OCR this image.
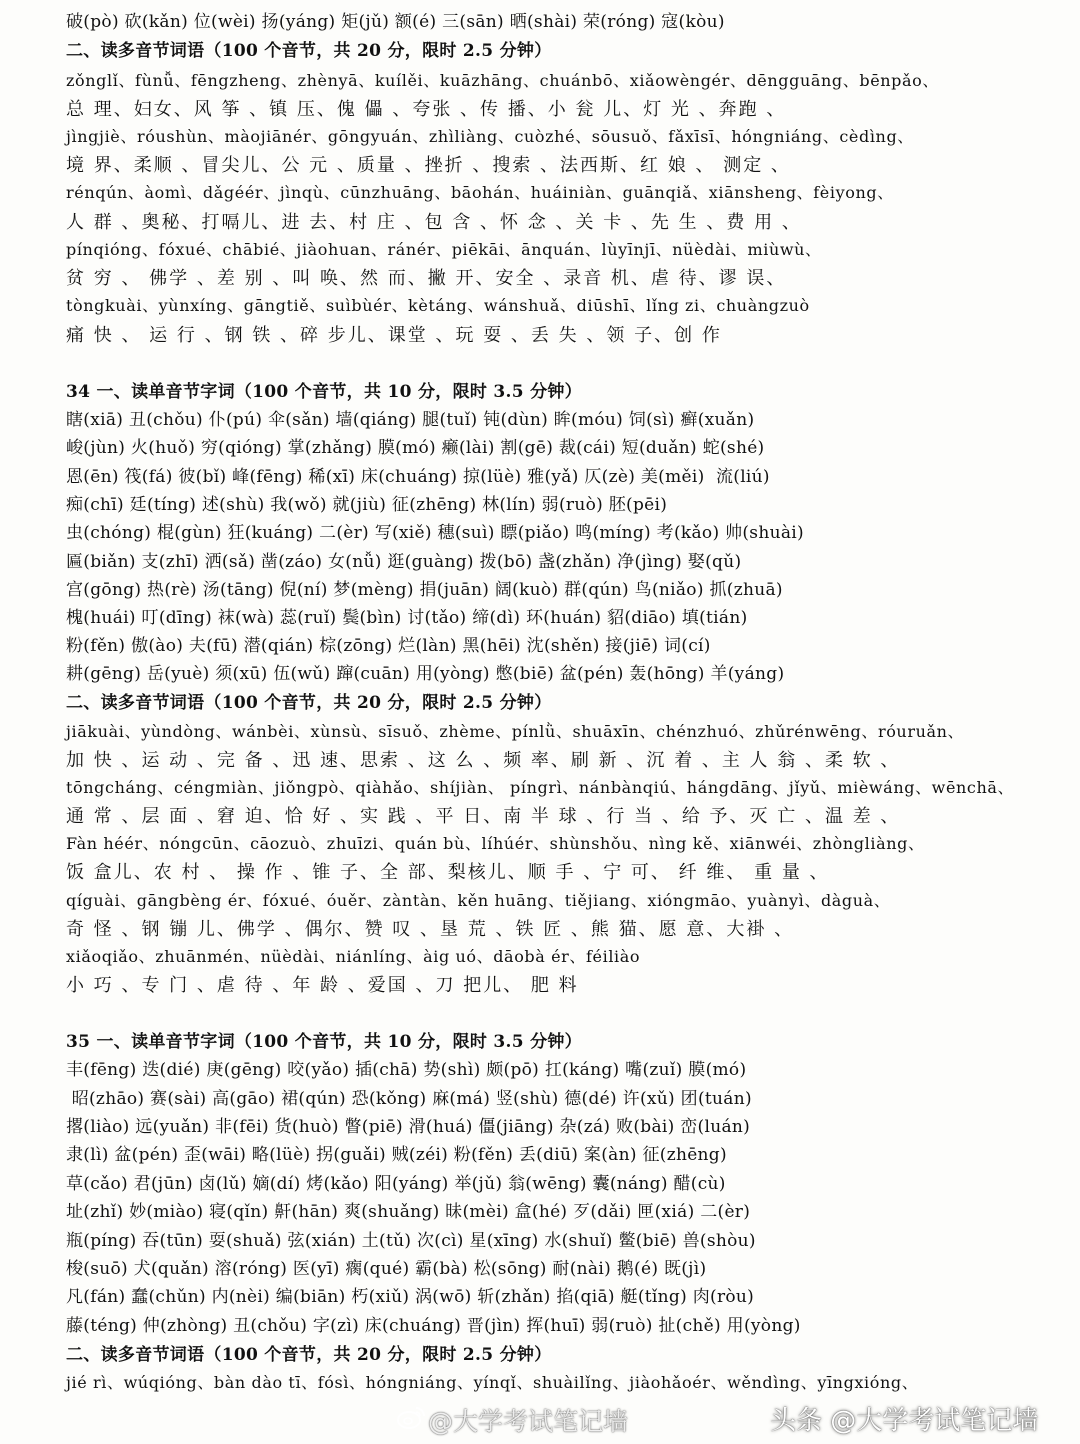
破(pò) 砍(kǎn) 位(wèi) 扬(yáng) 矩(jǔ) 额(é) 三(sān) 晒(shài) 荣(róng) 寇(kòu)
二、读多音节词语（100 个音节，共 20 分，限时 2.5 分钟）
zǒnglǐ、fùnǚ、fēngzheng、zhènyā、kuílěi、kuāzhāng、chuánbō、xiǎowèngér、dēngguāng、bēnpǎo、
总 理、妇女、风 筝 、镇 压、傀 儡 、夸张 、传 播、小 瓮 儿、灯 光 、奔跑 、
jìngjiè、róushùn、màojiānér、gōngyuán、zhìliàng、cuòzhé、sōusuǒ、fǎxīsī、hóngniáng、cèdìng、
境 界、柔顺 、冒尖儿、公 元 、质量 、挫折 、搜索 、法西斯、红 娘 、 测定 、
rénqún、àomì、dǎgéér、jìnqù、cūnzhuāng、bāohán、huáiniàn、guānqiǎ、xiānsheng、fèiyong、
人 群 、奥秘、打嗝儿、进 去、村 庄 、包 含 、怀 念 、关 卡 、先 生 、费 用 、
pínqióng、fóxué、chābié、jiàohuan、ránér、piēkāi、ānquán、lùyīnjī、nüèdài、miùwù、
贫 穷 、 佛学 、差 别 、叫 唤、然 而、撇 开、安全 、录音 机、虐 待、谬 误、
tòngkuài、yùnxíng、gāngtiě、suìbùér、kètáng、wánshuǎ、diūshī、lǐng zi、chuàngzuò
痛 快 、 运 行 、钢 铁 、碎 步儿、课堂 、玩 耍 、丢 失 、领 子、创 作
34 一、读单音节字词（100 个音节，共 10 分，限时 3.5 分钟）
瞎(xiā) 丑(chǒu) 仆(pú) 伞(sǎn) 墙(qiáng) 腿(tuǐ) 钝(dùn) 眸(móu) 饲(sì) 癣(xuǎn)
峻(jùn) 火(huǒ) 穷(qióng) 掌(zhǎng) 膜(mó) 癞(lài) 割(gē) 裁(cái) 短(duǎn) 蛇(shé)
恩(ēn) 筏(fá) 彼(bǐ) 峰(fēng) 稀(xī) 床(chuáng) 掠(lüè) 雅(yǎ) 仄(zè) 美(měi)  流(liú)
痴(chī) 廷(tíng) 述(shù) 我(wǒ) 就(jiù) 征(zhēng) 林(lín) 弱(ruò) 胚(pēi)
虫(chóng) 棍(gùn) 狂(kuáng) 二(èr) 写(xiě) 穗(suì) 瞟(piǎo) 鸣(míng) 考(kǎo) 帅(shuài)
匾(biǎn) 支(zhī) 洒(sǎ) 凿(záo) 女(nǚ) 逛(guàng) 拨(bō) 盏(zhǎn) 净(jìng) 娶(qǔ)
宫(gōng) 热(rè) 汤(tāng) 倪(ní) 梦(mèng) 捐(juān) 阔(kuò) 群(qún) 鸟(niǎo) 抓(zhuā)
槐(huái) 叮(dīng) 袜(wà) 蕊(ruǐ) 鬓(bìn) 讨(tǎo) 缔(dì) 环(huán) 貂(diāo) 填(tián)
粉(fěn) 傲(ào) 夫(fū) 潜(qián) 棕(zōng) 烂(làn) 黑(hēi) 沈(shěn) 接(jiē) 词(cí)
耕(gēng) 岳(yuè) 须(xū) 伍(wǔ) 蹿(cuān) 用(yòng) 憋(biē) 盆(pén) 轰(hōng) 羊(yáng)
二、读多音节词语（100 个音节，共 20 分，限时 2.5 分钟）
jiākuài、yùndòng、wánbèi、xùnsù、sīsuǒ、zhème、pínlǜ、shuāxīn、chénzhuó、zhǔrénwēng、róuruǎn、
加 快 、运 动 、完 备 、迅 速、思索 、这 么 、频 率、刷 新 、沉 着 、主 人 翁 、柔 软 、
tōngcháng、céngmiàn、jiǒngpò、qiàhǎo、shíjiàn、 píngrì、nánbànqiú、hángdāng、jǐyǔ、mièwáng、wēnchā、
通 常 、层 面 、窘 迫、恰 好 、实 践 、平 日、南 半 球 、行 当 、给 予、灭 亡 、温 差 、
Fàn héér、nóngcūn、cāozuò、zhuīzi、quán bù、líhúér、shùnshǒu、nìng kě、xiānwéi、zhòngliàng、
饭 盒儿、农 村 、 操 作 、锥 子、全 部、梨核儿、顺 手 、宁 可、 纤 维、 重 量 、
qíguài、gāngbèng ér、fóxué、óuěr、zàntàn、kěn huāng、tiějiang、xióngmāo、yuànyì、dàguà、
奇 怪 、钢 镚 儿、佛学 、偶尔、赞 叹 、垦 荒 、铁 匠 、熊 猫、愿 意、大褂 、
xiǎoqiǎo、zhuānmén、nüèdài、niánlíng、àig uó、dāobà ér、féiliào
小 巧 、专 门 、虐 待 、年 龄 、爱国 、刀 把儿、 肥 料
35 一、读单音节字词（100 个音节，共 10 分，限时 3.5 分钟）
丰(fēng) 迭(dié) 庚(gēng) 咬(yǎo) 插(chā) 势(shì) 颇(pō) 扛(káng) 嘴(zuǐ) 膜(mó)
昭(zhāo) 赛(sài) 高(gāo) 裙(qún) 恐(kǒng) 麻(má) 竖(shù) 德(dé) 许(xǔ) 团(tuán)
撂(liào) 远(yuǎn) 非(fēi) 货(huò) 瞥(piē) 滑(huá) 僵(jiāng) 杂(zá) 败(bài) 峦(luán)
隶(lì) 盆(pén) 歪(wāi) 略(lüè) 拐(guǎi) 贼(zéi) 粉(fěn) 丢(diū) 案(àn) 征(zhēng)
草(cǎo) 君(jūn) 卤(lǔ) 嫡(dí) 烤(kǎo) 阳(yáng) 举(jǔ) 翁(wēng) 囊(náng) 醋(cù)
址(zhǐ) 妙(miào) 寝(qǐn) 鼾(hān) 爽(shuǎng) 昧(mèi) 盒(hé) 歹(dǎi) 匣(xiá) 二(èr)
瓶(píng) 吞(tūn) 耍(shuǎ) 弦(xián) 土(tǔ) 次(cì) 星(xīng) 水(shuǐ) 鳖(biē) 兽(shòu)
梭(suō) 犬(quǎn) 溶(róng) 医(yī) 瘸(qué) 霸(bà) 松(sōng) 耐(nài) 鹅(é) 既(jì)
凡(fán) 蠢(chǔn) 内(nèi) 编(biān) 朽(xiǔ) 涡(wō) 斩(zhǎn) 掐(qiā) 艇(tǐng) 肉(ròu)
藤(téng) 仲(zhòng) 丑(chǒu) 字(zì) 床(chuáng) 晋(jìn) 挥(huī) 弱(ruò) 扯(chě) 用(yòng)
二、读多音节词语（100 个音节，共 20 分，限时 2.5 分钟）
jié rì、wúqióng、bàn dào tī、fósì、hóngniáng、yínqǐ、shuàilǐng、jiàohǎoér、wěndìng、yīngxióng、
@大学考试笔记墙	头条 @大学考试笔记墙
